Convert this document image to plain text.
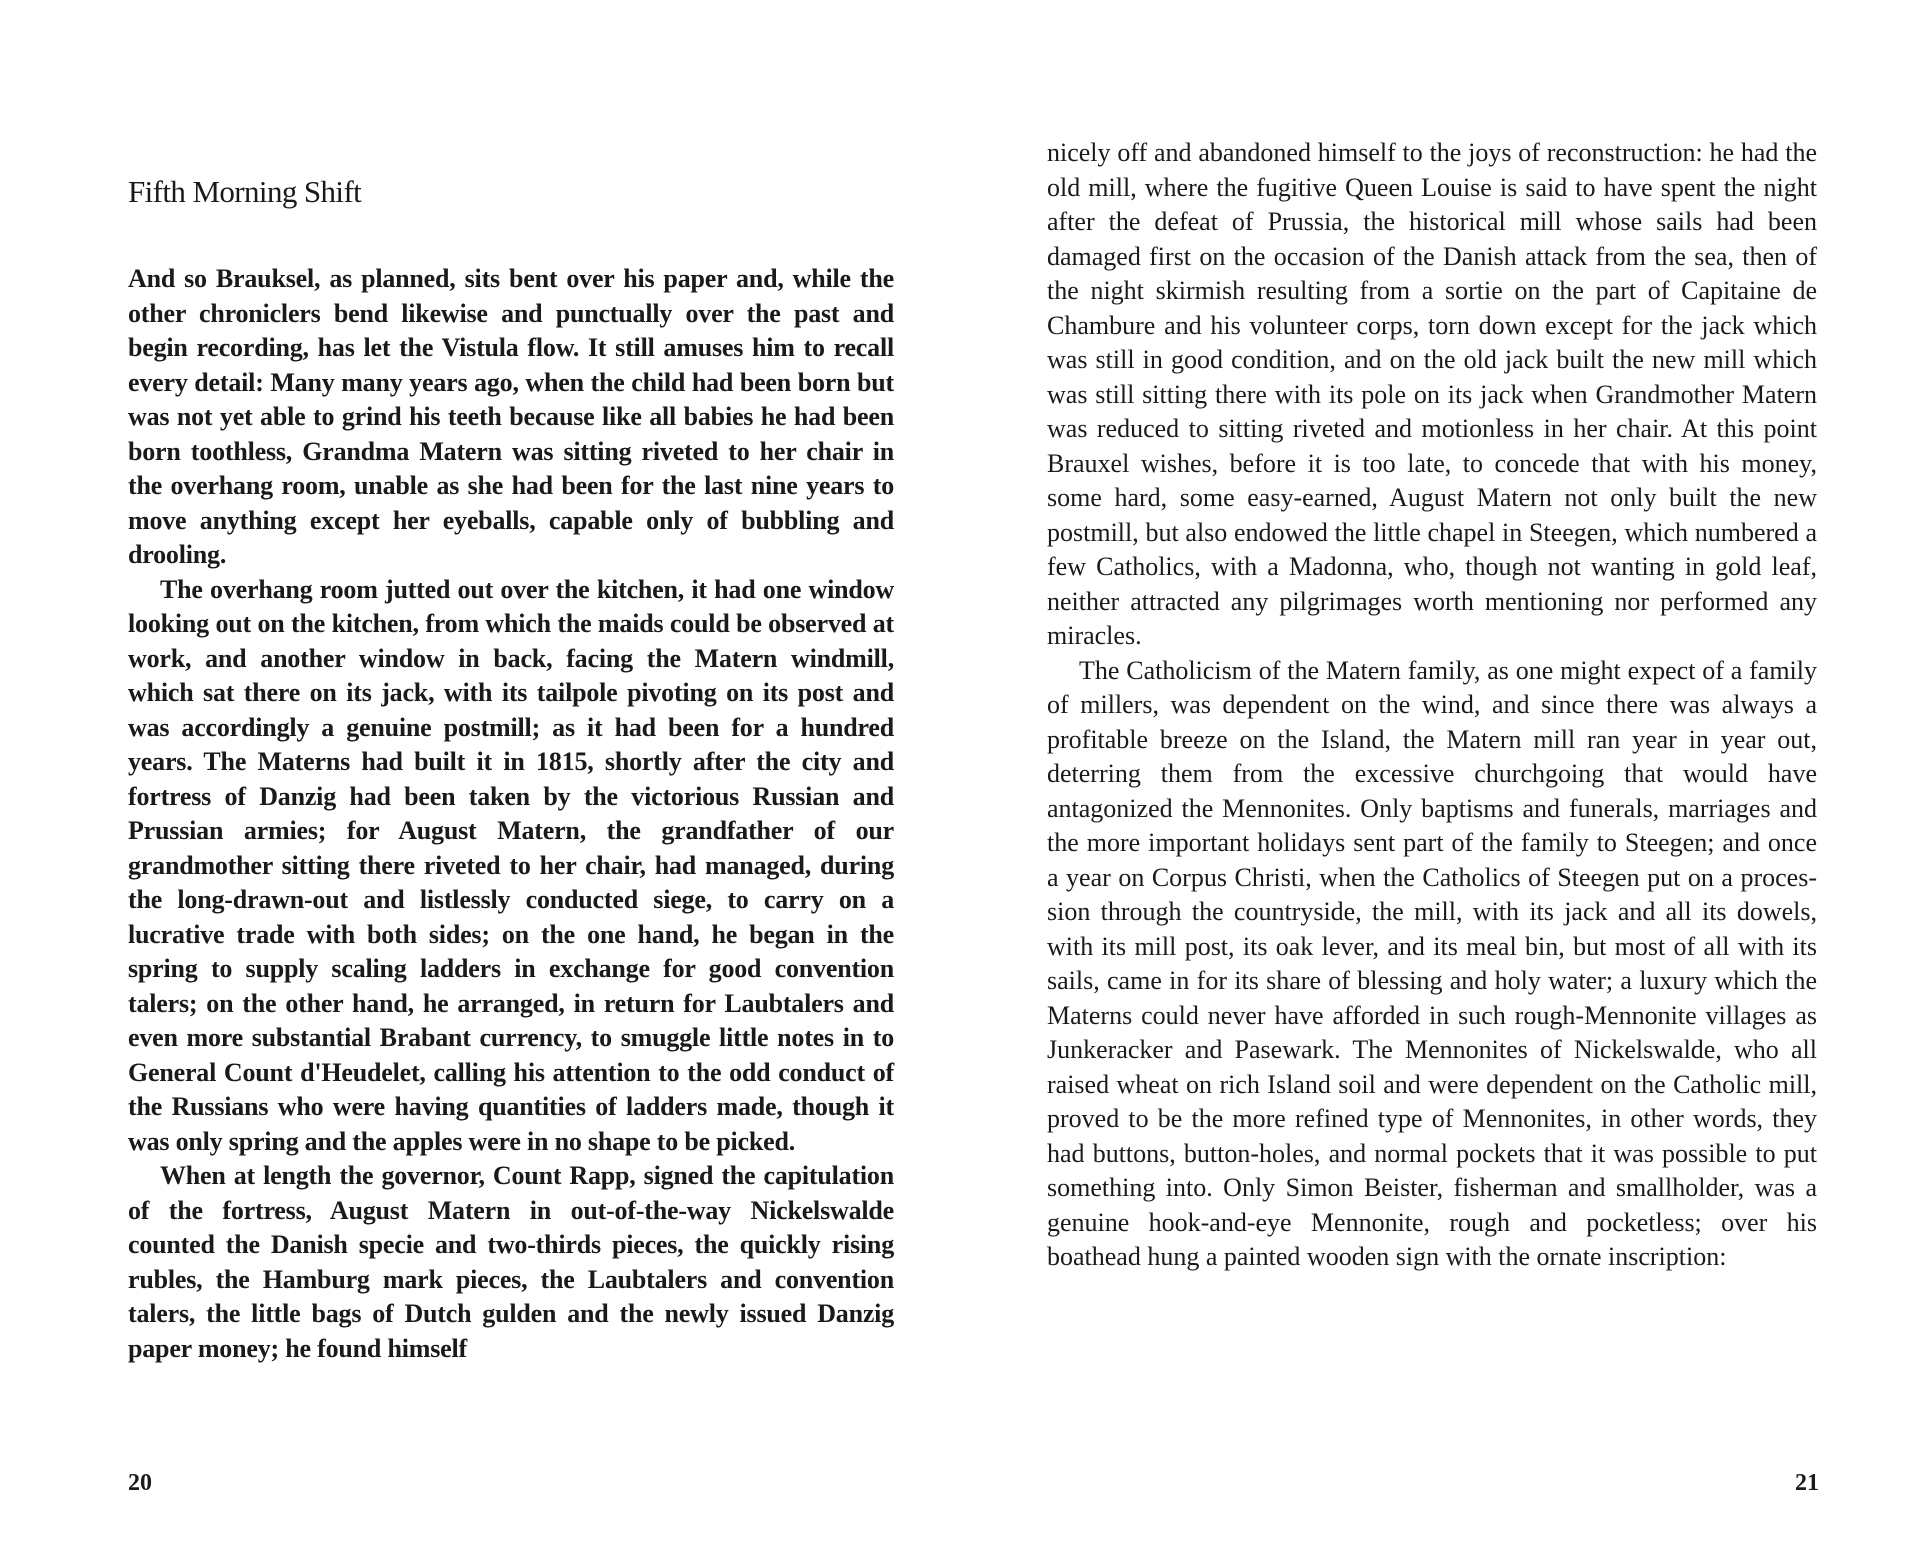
Fifth Morning Shift

And so Brauksel, as planned, sits bent over his paper and, while the other chroniclers bend likewise and punctually over the past and begin recording, has let the Vistula flow. It still amuses him to recall every detail: Many many years ago, when the child had been born but was not yet able to grind his teeth because like all babies he had been born toothless, Grandma Matern was sitting riveted to her chair in the overhang room, unable as she had been for the last nine years to move anything except her eyeballs, capable only of bubbling and drooling.

The overhang room jutted out over the kitchen, it had one window looking out on the kitchen, from which the maids could be observed at work, and another window in back, facing the Matern windmill, which sat there on its jack, with its tailpole pivoting on its post and was accordingly a genuine postmill; as it had been for a hundred years. The Materns had built it in 1815, shortly after the city and fortress of Danzig had been taken by the victorious Russian and Prussian armies; for August Matern, the grandfather of our grandmother sitting there riveted to her chair, had managed, during the long-drawn-out and listlessly conducted siege, to carry on a lucrative trade with both sides; on the one hand, he began in the spring to supply scaling ladders in exchange for good convention talers; on the other hand, he arranged, in return for Laubtalers and even more substantial Brabant currency, to smuggle little notes in to General Count d'Heudelet, calling his attention to the odd conduct of the Russians who were having quantities of ladders made, though it was only spring and the apples were in no shape to be picked.

When at length the governor, Count Rapp, signed the capitulation of the fortress, August Matern in out-of-the-way Nickelswalde counted the Danish specie and two-thirds pieces, the quickly rising rubles, the Hamburg mark pieces, the Laubtalers and convention talers, the little bags of Dutch gulden and the newly issued Danzig paper money; he found himself

20

nicely off and abandoned himself to the joys of reconstruction: he had the old mill, where the fugitive Queen Louise is said to have spent the night after the defeat of Prussia, the historical mill whose sails had been damaged first on the occasion of the Danish attack from the sea, then of the night skirmish resulting from a sortie on the part of Capitaine de Chambure and his volunteer corps, torn down except for the jack which was still in good condition, and on the old jack built the new mill which was still sitting there with its pole on its jack when Grandmother Matern was reduced to sitting riveted and motionless in her chair. At this point Brauxel wishes, before it is too late, to concede that with his money, some hard, some easy-earned, August Matern not only built the new postmill, but also endowed the little chapel in Steegen, which numbered a few Catholics, with a Madonna, who, though not wanting in gold leaf, neither attracted any pilgrimages worth mentioning nor performed any miracles.

The Catholicism of the Matern family, as one might expect of a family of millers, was dependent on the wind, and since there was always a profitable breeze on the Island, the Matern mill ran year in year out, deterring them from the excessive churchgoing that would have antagonized the Mennonites. Only baptisms and funerals, marriages and the more important holidays sent part of the family to Steegen; and once a year on Corpus Christi, when the Catholics of Steegen put on a procession through the countryside, the mill, with its jack and all its dowels, with its mill post, its oak lever, and its meal bin, but most of all with its sails, came in for its share of blessing and holy water; a luxury which the Materns could never have afforded in such rough-Mennonite villages as Junkeracker and Pasewark. The Mennonites of Nickelswalde, who all raised wheat on rich Island soil and were dependent on the Catholic mill, proved to be the more refined type of Mennonites, in other words, they had buttons, button-holes, and normal pockets that it was possible to put something into. Only Simon Beister, fisherman and smallholder, was a genuine hook-and-eye Mennonite, rough and pocketless; over his boathead hung a painted wooden sign with the ornate inscription:

21
